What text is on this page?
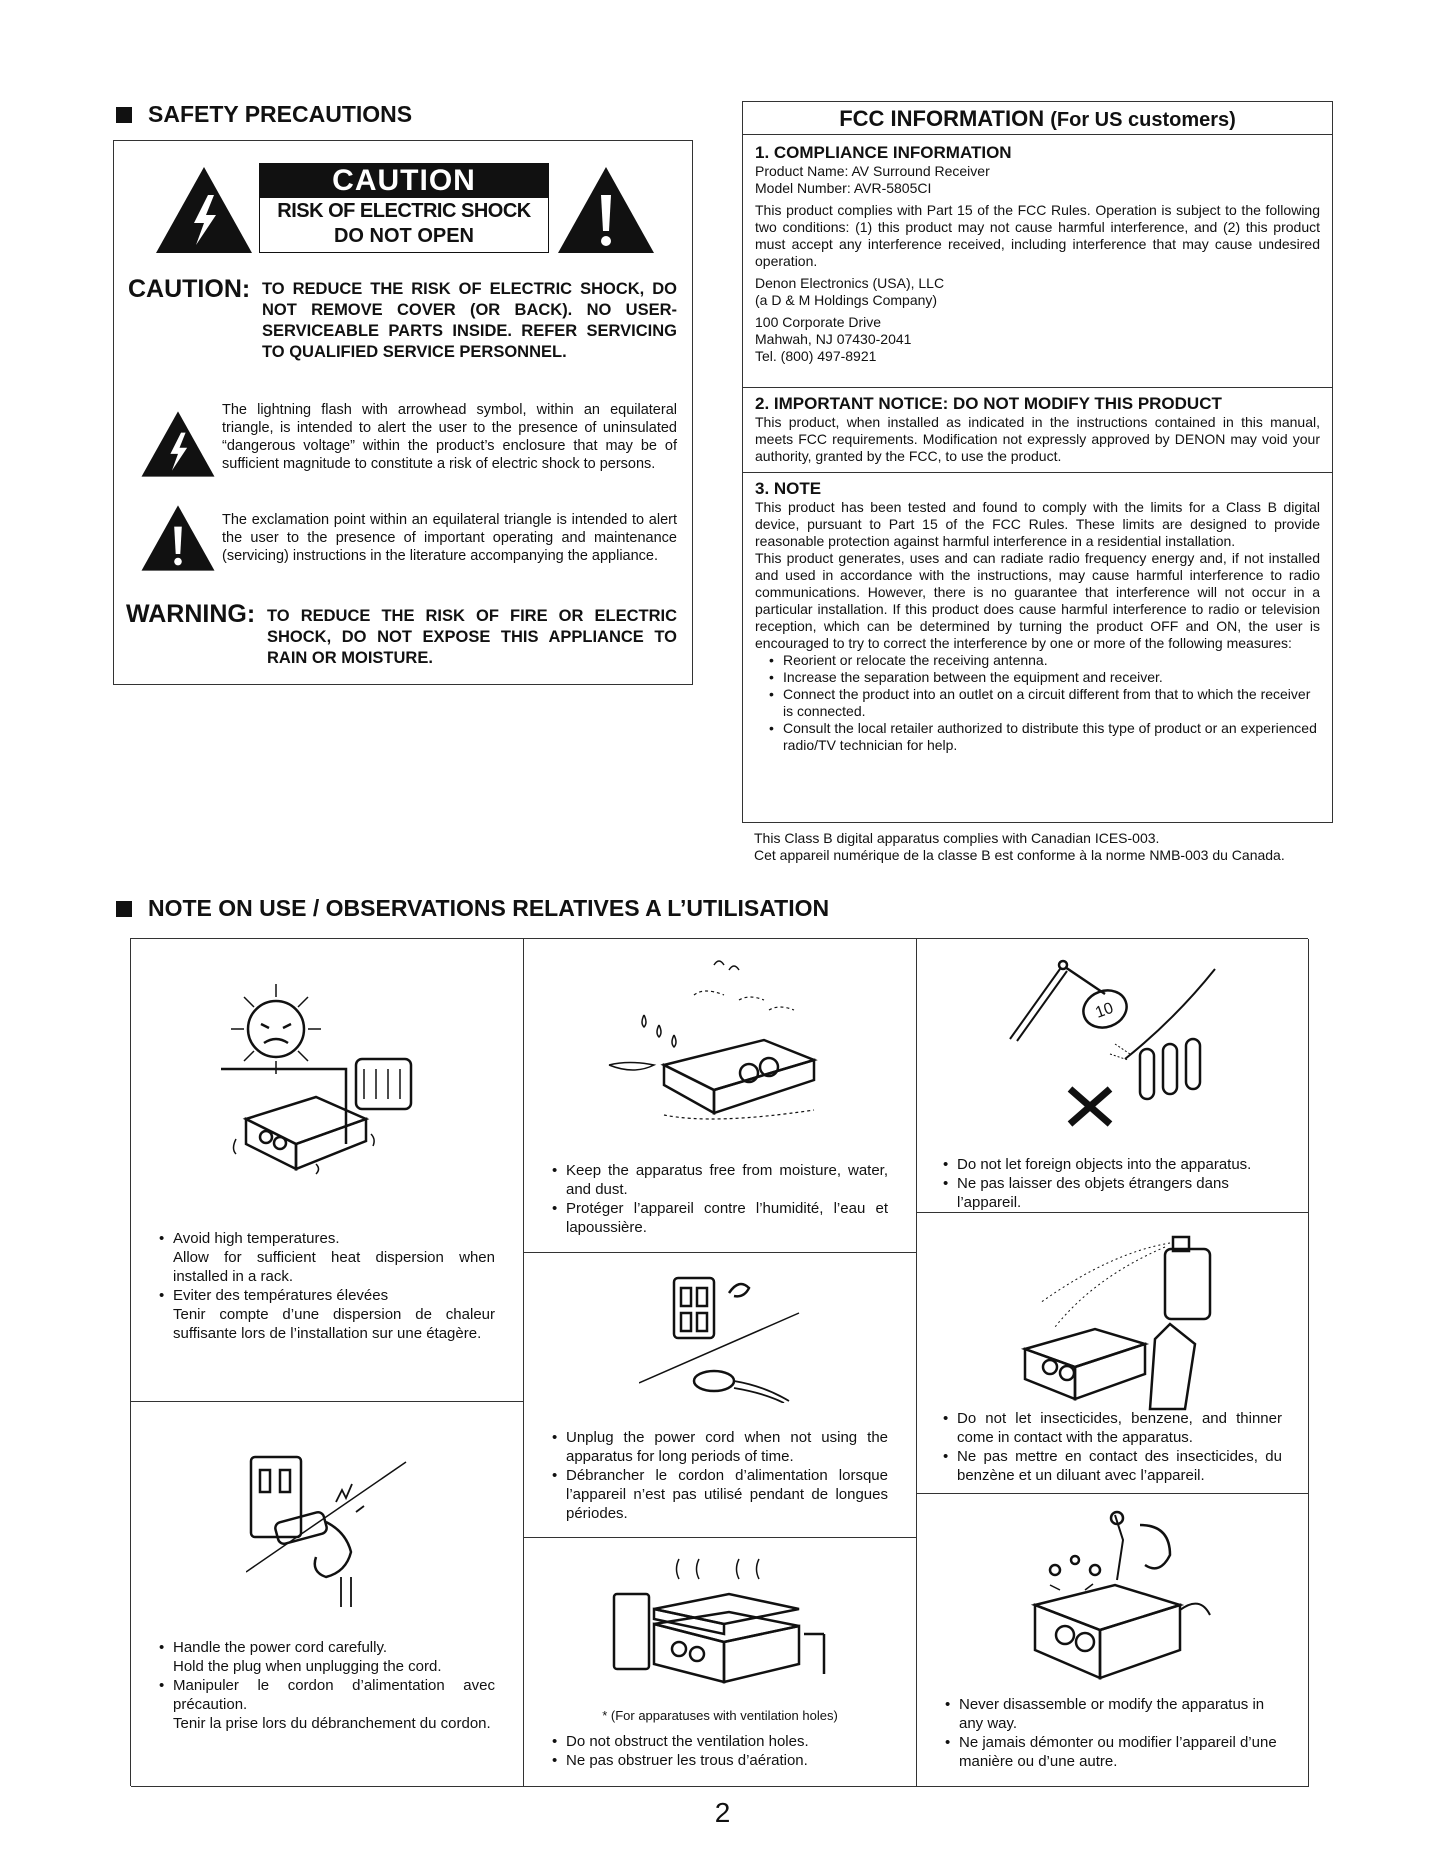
SAFETY PRECAUTIONS
CAUTION
RISK OF ELECTRIC SHOCK
DO NOT OPEN
CAUTION: TO REDUCE THE RISK OF ELECTRIC SHOCK, DO NOT REMOVE COVER (OR BACK). NO USER-SERVICEABLE PARTS INSIDE. REFER SERVICING TO QUALIFIED SERVICE PERSONNEL.
The lightning flash with arrowhead symbol, within an equilateral triangle, is intended to alert the user to the presence of uninsulated “dangerous voltage” within the product’s enclosure that may be of sufficient magnitude to constitute a risk of electric shock to persons.
The exclamation point within an equilateral triangle is intended to alert the user to the presence of important operating and maintenance (servicing) instructions in the literature accompanying the appliance.
WARNING: TO REDUCE THE RISK OF FIRE OR ELECTRIC SHOCK, DO NOT EXPOSE THIS APPLIANCE TO RAIN OR MOISTURE.
FCC INFORMATION (For US customers)
1. COMPLIANCE INFORMATION
Product Name: AV Surround Receiver
Model Number: AVR-5805CI
This product complies with Part 15 of the FCC Rules. Operation is subject to the following two conditions: (1) this product may not cause harmful interference, and (2) this product must accept any interference received, including interference that may cause undesired operation.
Denon Electronics (USA), LLC
(a D & M Holdings Company)
100 Corporate Drive
Mahwah, NJ 07430-2041
Tel. (800) 497-8921
2. IMPORTANT NOTICE: DO NOT MODIFY THIS PRODUCT
This product, when installed as indicated in the instructions contained in this manual, meets FCC requirements. Modification not expressly approved by DENON may void your authority, granted by the FCC, to use the product.
3. NOTE
This product has been tested and found to comply with the limits for a Class B digital device, pursuant to Part 15 of the FCC Rules. These limits are designed to provide reasonable protection against harmful interference in a residential installation.
This product generates, uses and can radiate radio frequency energy and, if not installed and used in accordance with the instructions, may cause harmful interference to radio communications. However, there is no guarantee that interference will not occur in a particular installation. If this product does cause harmful interference to radio or television reception, which can be determined by turning the product OFF and ON, the user is encouraged to try to correct the interference by one or more of the following measures:
• Reorient or relocate the receiving antenna.
• Increase the separation between the equipment and receiver.
• Connect the product into an outlet on a circuit different from that to which the receiver is connected.
• Consult the local retailer authorized to distribute this type of product or an experienced radio/TV technician for help.
This Class B digital apparatus complies with Canadian ICES-003.
Cet appareil numérique de la classe B est conforme à la norme NMB-003 du Canada.
NOTE ON USE / OBSERVATIONS RELATIVES A L’UTILISATION
• Avoid high temperatures.
Allow for sufficient heat dispersion when installed in a rack.
• Eviter des températures élevées
Tenir compte d’une dispersion de chaleur suffisante lors de l’installation sur une étagère.
• Handle the power cord carefully.
Hold the plug when unplugging the cord.
• Manipuler le cordon d’alimentation avec précaution.
Tenir la prise lors du débranchement du cordon.
• Keep the apparatus free from moisture, water, and dust.
• Protéger l’appareil contre l’humidité, l’eau et lapoussière.
• Unplug the power cord when not using the apparatus for long periods of time.
• Débrancher le cordon d’alimentation lorsque l’appareil n’est pas utilisé pendant de longues périodes.
* (For apparatuses with ventilation holes)
• Do not obstruct the ventilation holes.
• Ne pas obstruer les trous d’aération.
10
• Do not let foreign objects into the apparatus.
• Ne pas laisser des objets étrangers dans l’appareil.
• Do not let insecticides, benzene, and thinner come in contact with the apparatus.
• Ne pas mettre en contact des insecticides, du benzène et un diluant avec l’appareil.
• Never disassemble or modify the apparatus in any way.
• Ne jamais démonter ou modifier l’appareil d’une manière ou d’une autre.
2
